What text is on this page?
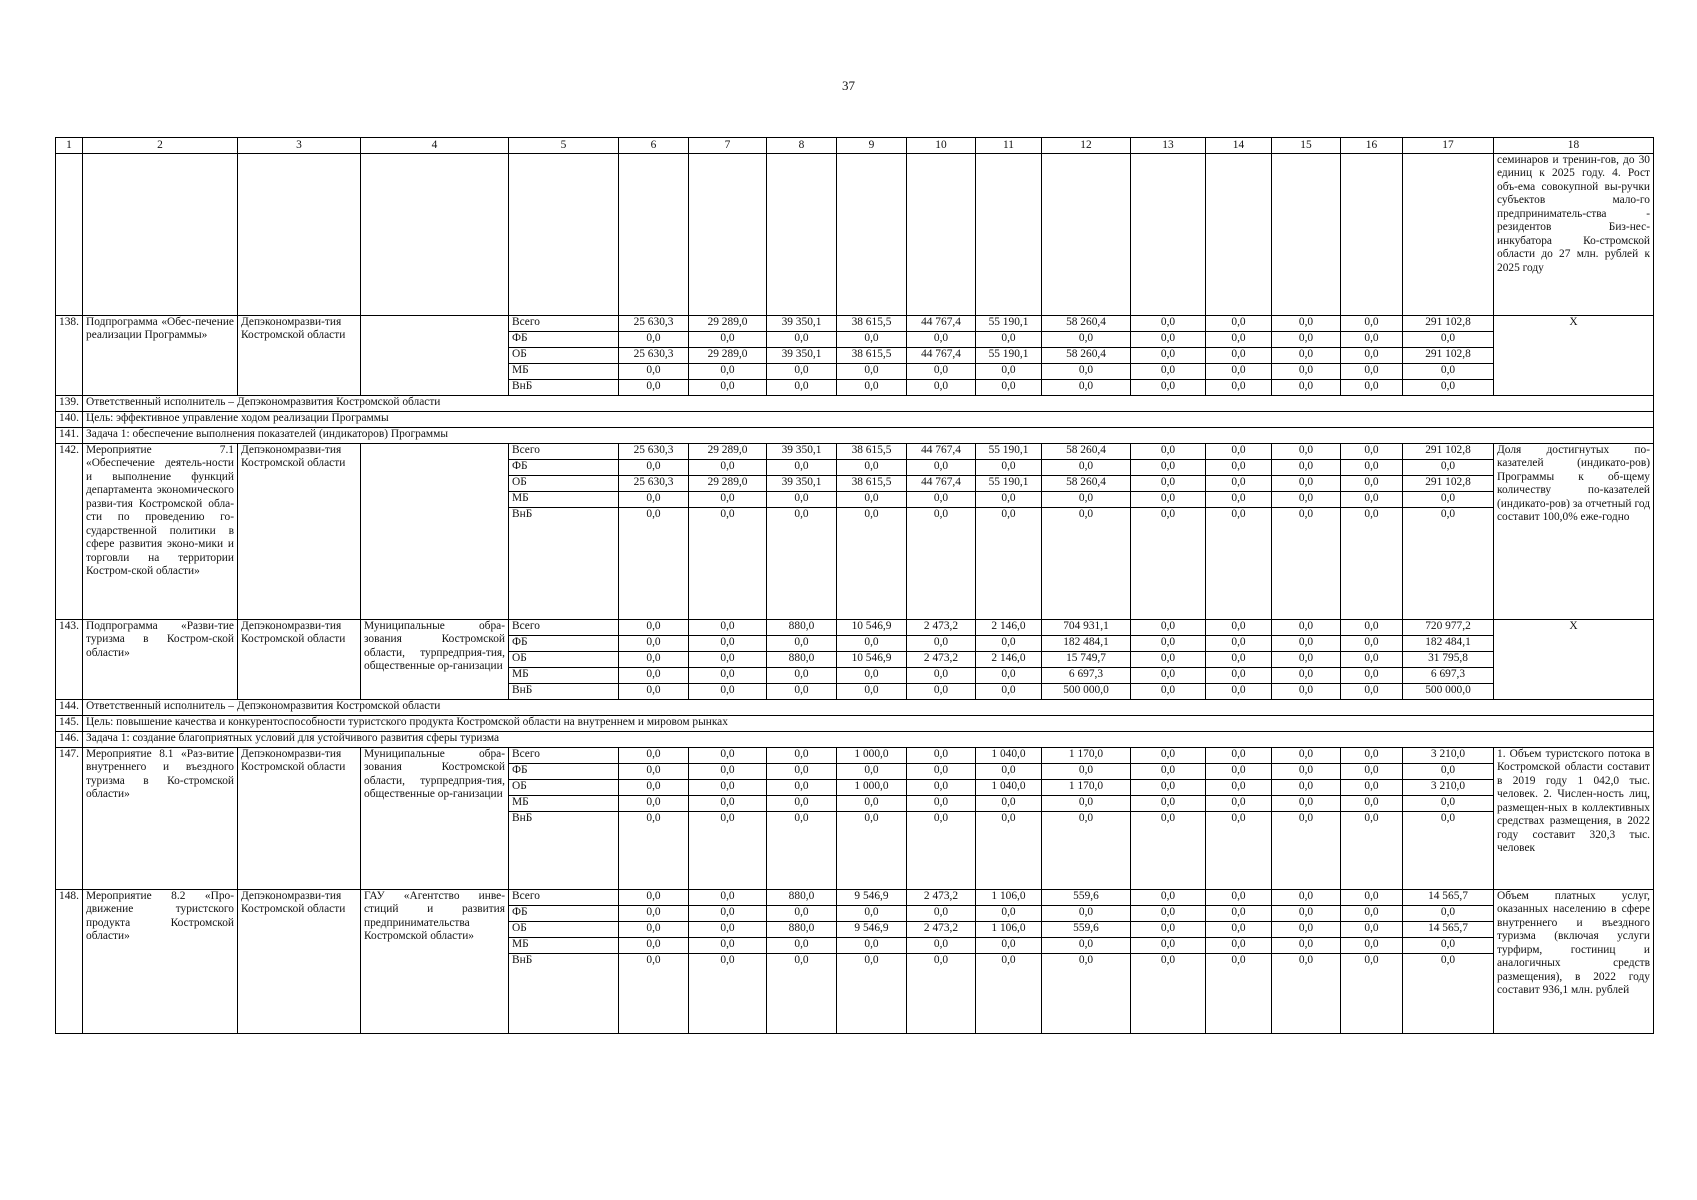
37
1	2	3	4	5	6	7	8	9	10	11	12	13	14	15	16	17	18
																	семинаров и тренин-гов, до 30 единиц к 2025 году. 4. Рост объ-ема совокупной вы-ручки субъектов мало-го предприниматель-ства - резидентов Биз-нес-инкубатора Ко-стромской области до 27 млн. рублей к 2025 году
138.	Подпрограмма «Обес-печение реализации Программы»	Депэкономразви-тия Костромской области		Всего	25 630,3	29 289,0	39 350,1	38 615,5	44 767,4	55 190,1	58 260,4	0,0	0,0	0,0	0,0	291 102,8	Х
				ФБ	0,0	0,0	0,0	0,0	0,0	0,0	0,0	0,0	0,0	0,0	0,0	0,0	
				ОБ	25 630,3	29 289,0	39 350,1	38 615,5	44 767,4	55 190,1	58 260,4	0,0	0,0	0,0	0,0	291 102,8	
				МБ	0,0	0,0	0,0	0,0	0,0	0,0	0,0	0,0	0,0	0,0	0,0	0,0	
				ВнБ	0,0	0,0	0,0	0,0	0,0	0,0	0,0	0,0	0,0	0,0	0,0	0,0	
139.	Ответственный исполнитель – Депэкономразвития Костромской области																
140.	Цель: эффективное управление ходом реализации Программы																
141.	Задача 1: обеспечение выполнения показателей (индикаторов) Программы																
142.	Мероприятие 7.1 «Обеспечение деятель-ности и выполнение функций департамента экономического разви-тия Костромской обла-сти по проведению го-сударственной политики в сфере развития эконо-мики и торговли на территории Костром-ской области»	Депэкономразви-тия Костромской области		Всего	25 630,3	29 289,0	39 350,1	38 615,5	44 767,4	55 190,1	58 260,4	0,0	0,0	0,0	0,0	291 102,8	Доля достигнутых по-казателей (индикато-ров) Программы к об-щему количеству по-казателей (индикато-ров) за отчетный год составит 100,0% еже-годно
				ФБ	0,0	0,0	0,0	0,0	0,0	0,0	0,0	0,0	0,0	0,0	0,0	0,0	
				ОБ	25 630,3	29 289,0	39 350,1	38 615,5	44 767,4	55 190,1	58 260,4	0,0	0,0	0,0	0,0	291 102,8	
				МБ	0,0	0,0	0,0	0,0	0,0	0,0	0,0	0,0	0,0	0,0	0,0	0,0	
				ВнБ	0,0	0,0	0,0	0,0	0,0	0,0	0,0	0,0	0,0	0,0	0,0	0,0	
143.	Подпрограмма «Разви-тие туризма в Костром-ской области»	Депэкономразви-тия Костромской области	Муниципальные обра-зования Костромской области, турпредприя-тия, общественные ор-ганизации	Всего	0,0	0,0	880,0	10 546,9	2 473,2	2 146,0	704 931,1	0,0	0,0	0,0	0,0	720 977,2	Х
				ФБ	0,0	0,0	0,0	0,0	0,0	0,0	182 484,1	0,0	0,0	0,0	0,0	182 484,1	
				ОБ	0,0	0,0	880,0	10 546,9	2 473,2	2 146,0	15 749,7	0,0	0,0	0,0	0,0	31 795,8	
				МБ	0,0	0,0	0,0	0,0	0,0	0,0	6 697,3	0,0	0,0	0,0	0,0	6 697,3	
				ВнБ	0,0	0,0	0,0	0,0	0,0	0,0	500 000,0	0,0	0,0	0,0	0,0	500 000,0	
144.	Ответственный исполнитель – Депэкономразвития Костромской области																
145.	Цель: повышение качества и конкурентоспособности туристского продукта Костромской области на внутреннем и мировом рынках																
146.	Задача 1: создание благоприятных условий для устойчивого развития сферы туризма																
147.	Мероприятие 8.1 «Раз-витие внутреннего и въездного туризма в Ко-стромской области»	Депэкономразви-тия Костромской области	Муниципальные обра-зования Костромской области, турпредприя-тия, общественные ор-ганизации	Всего	0,0	0,0	0,0	1 000,0	0,0	1 040,0	1 170,0	0,0	0,0	0,0	0,0	3 210,0	1. Объем туристского потока в Костромской области составит в 2019 году 1 042,0 тыс. человек. 2. Числен-ность лиц, размещен-ных в коллективных средствах размещения, в 2022 году составит 320,3 тыс. человек
				ФБ	0,0	0,0	0,0	0,0	0,0	0,0	0,0	0,0	0,0	0,0	0,0	0,0	
				ОБ	0,0	0,0	0,0	1 000,0	0,0	1 040,0	1 170,0	0,0	0,0	0,0	0,0	3 210,0	
				МБ	0,0	0,0	0,0	0,0	0,0	0,0	0,0	0,0	0,0	0,0	0,0	0,0	
				ВнБ	0,0	0,0	0,0	0,0	0,0	0,0	0,0	0,0	0,0	0,0	0,0	0,0	
148.	Мероприятие 8.2 «Про-движение туристского продукта Костромской области»	Депэкономразви-тия Костромской области	ГАУ «Агентство инве-стиций и развития предпринимательства Костромской области»	Всего	0,0	0,0	880,0	9 546,9	2 473,2	1 106,0	559,6	0,0	0,0	0,0	0,0	14 565,7	Объем платных услуг, оказанных населению в сфере внутреннего и въездного туризма (включая услуги турфирм, гостиниц и аналогичных средств размещения), в 2022 году составит 936,1 млн. рублей
				ФБ	0,0	0,0	0,0	0,0	0,0	0,0	0,0	0,0	0,0	0,0	0,0	0,0	
				ОБ	0,0	0,0	880,0	9 546,9	2 473,2	1 106,0	559,6	0,0	0,0	0,0	0,0	14 565,7	
				МБ	0,0	0,0	0,0	0,0	0,0	0,0	0,0	0,0	0,0	0,0	0,0	0,0	
				ВнБ	0,0	0,0	0,0	0,0	0,0	0,0	0,0	0,0	0,0	0,0	0,0	0,0	
